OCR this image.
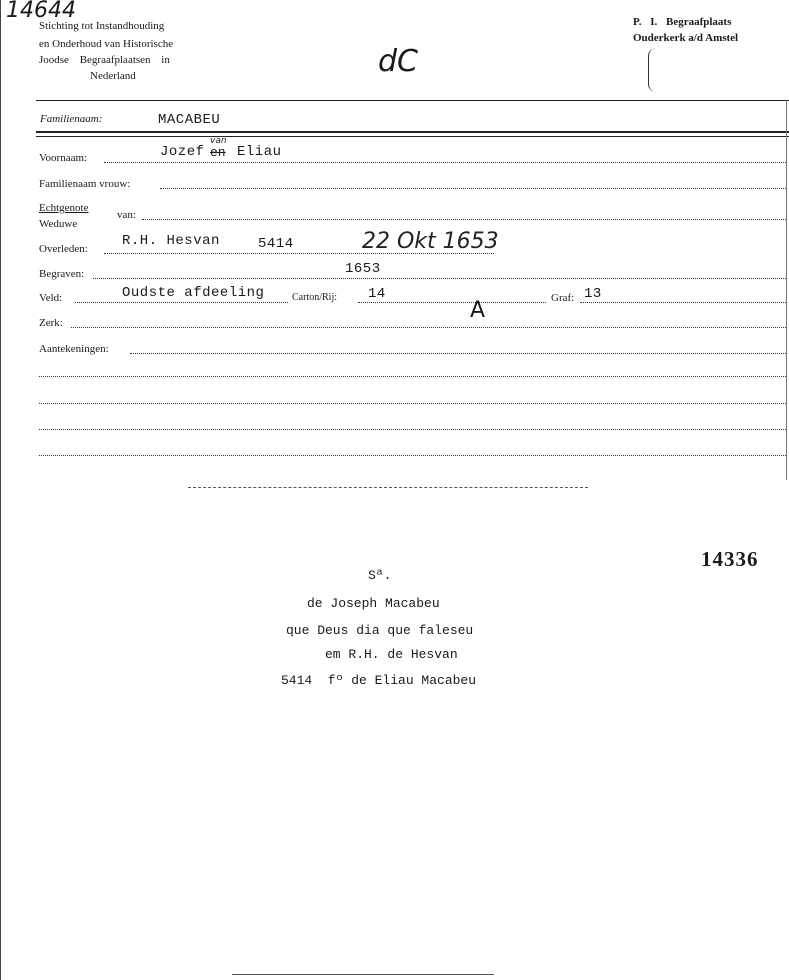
14644
Stichting tot Instandhouding
en Onderhoud van Historische
Joodse Begraafplaatsen in
Nederland	dC
P. I. Begraafplaats
Ouderkerk a/d Amstel
Familienaam:	MACABEU
Voornaam:	Jozef en
van
Eliau
Familienaam vrouw:
Echtgenote
Weduwe
van:
Overleden: R.H. Hesvan	5414	22 Okt 1653
Begraven:	1653
Veld:	Oudste afdeeling	Carton/Rij: 14	Graf: 13
Zerk:	A
Aantekeningen:
14336
Sª.
de Joseph Macabeu
que Deus dia que faleseu
em R.H. de Hesvan
5414  fº de Eliau Macabeu
